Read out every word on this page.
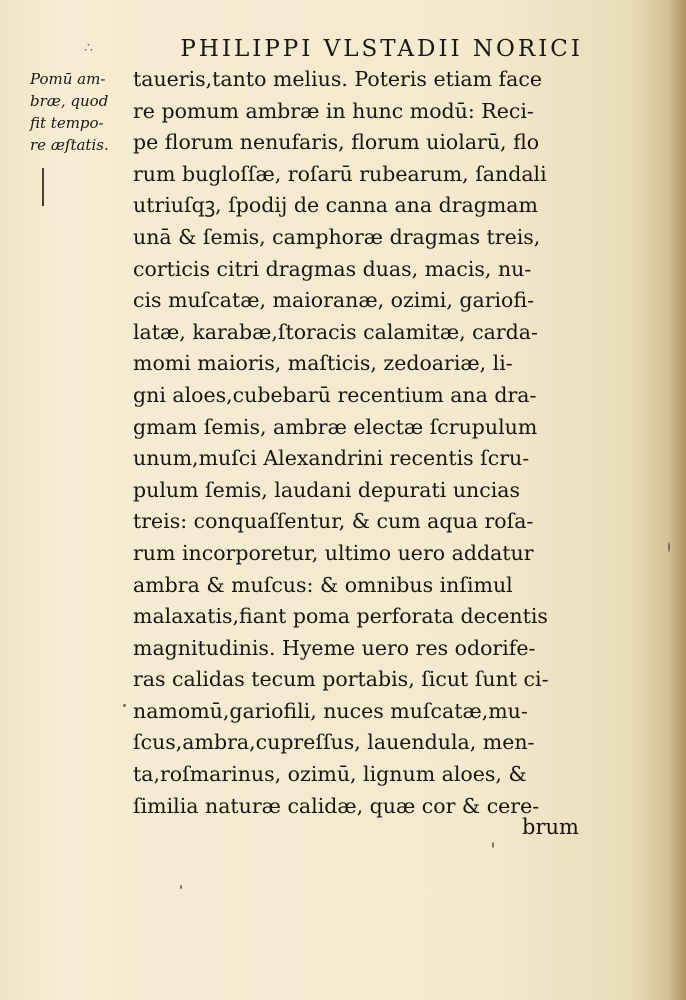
∴	PHILIPPI VLSTADII NORICI
Pomū am-
bræ, quod
fit tempo-
re æſtatis.
taueris,tanto melius. Poteris etiam face
re pomum ambræ in hunc modū: Reci-
pe florum nenufaris, florum uiolarū, flo
rum bugloſſæ, roſarū rubearum, ſandali
utriuſqꝫ, ſpodij de canna ana dragmam
unā & ſemis, camphoræ dragmas treis,
corticis citri dragmas duas, macis, nu-
cis muſcatæ, maioranæ, ozimi, gariofi-
latæ, karabæ,ſtoracis calamitæ, carda-
momi maioris, maſticis, zedoariæ, li-
gni aloes,cubebarū recentium ana dra-
gmam ſemis, ambræ electæ ſcrupulum
unum,muſci Alexandrini recentis ſcru-
pulum ſemis, laudani depurati uncias
treis: conquaſſentur, & cum aqua roſa-
rum incorporetur, ultimo uero addatur
ambra & muſcus: & omnibus inſimul
malaxatis,fiant poma perforata decentis
magnitudinis. Hyeme uero res odorife-
ras calidas tecum portabis, ſicut ſunt ci-
namomū,gariofili, nuces muſcatæ,mu-
ſcus,ambra,cupreſſus, lauendula, men-
ta,roſmarinus, ozimū, lignum aloes, &
ſimilia naturæ calidæ, quæ cor & cere-
brum
